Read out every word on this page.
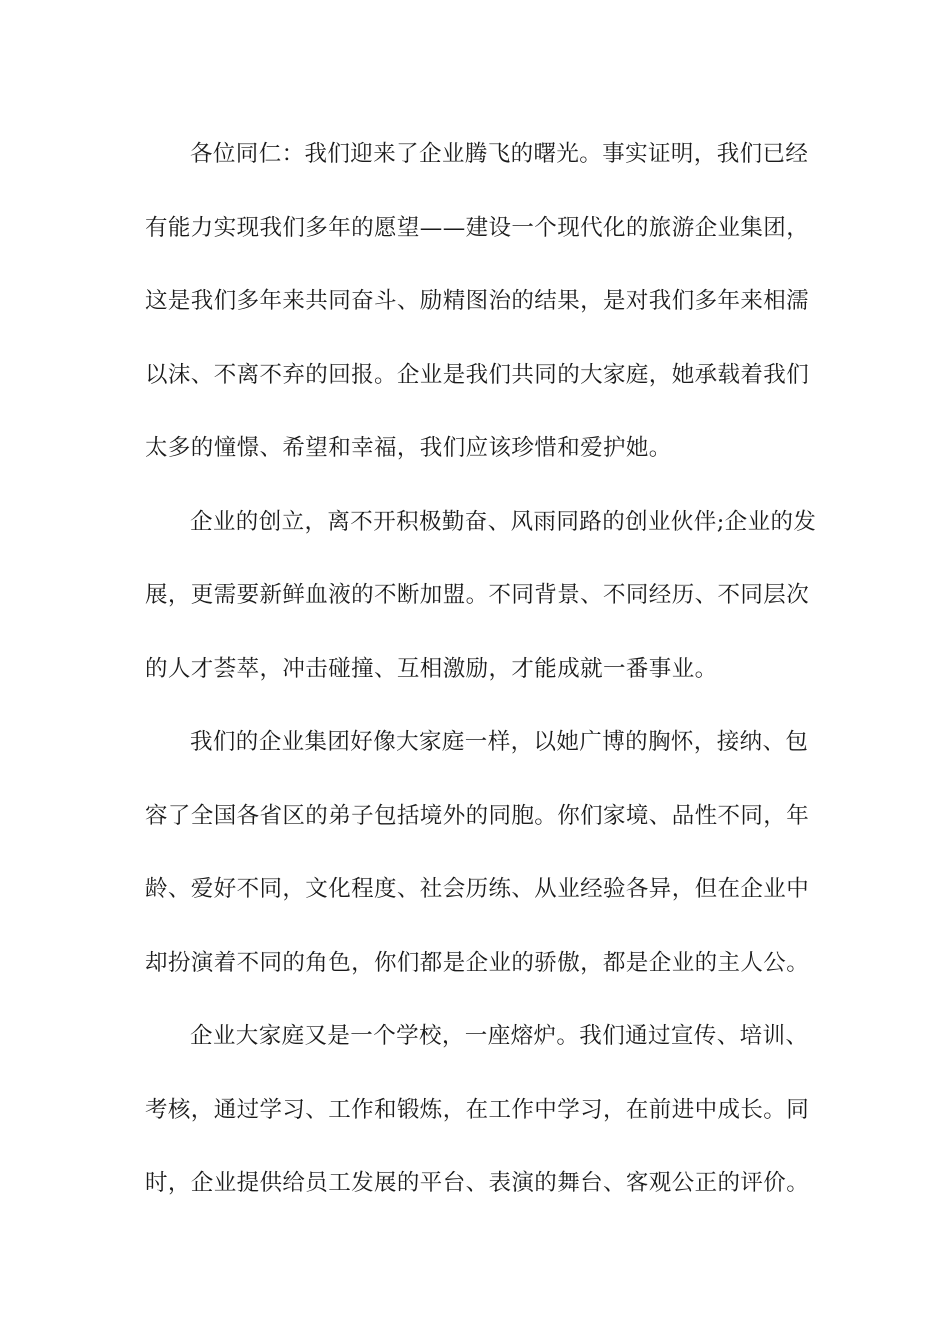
各位同仁：我们迎来了企业腾飞的曙光。事实证明，我们已经
有能力实现我们多年的愿望——建设一个现代化的旅游企业集团，
这是我们多年来共同奋斗、励精图治的结果，是对我们多年来相濡
以沫、不离不弃的回报。企业是我们共同的大家庭，她承载着我们
太多的憧憬、希望和幸福，我们应该珍惜和爱护她。
企业的创立，离不开积极勤奋、风雨同路的创业伙伴;企业的发
展，更需要新鲜血液的不断加盟。不同背景、不同经历、不同层次
的人才荟萃，冲击碰撞、互相激励，才能成就一番事业。
我们的企业集团好像大家庭一样，以她广博的胸怀，接纳、包
容了全国各省区的弟子包括境外的同胞。你们家境、品性不同，年
龄、爱好不同，文化程度、社会历练、从业经验各异，但在企业中
却扮演着不同的角色，你们都是企业的骄傲，都是企业的主人公。
企业大家庭又是一个学校，一座熔炉。我们通过宣传、培训、
考核，通过学习、工作和锻炼，在工作中学习，在前进中成长。同
时，企业提供给员工发展的平台、表演的舞台、客观公正的评价。
